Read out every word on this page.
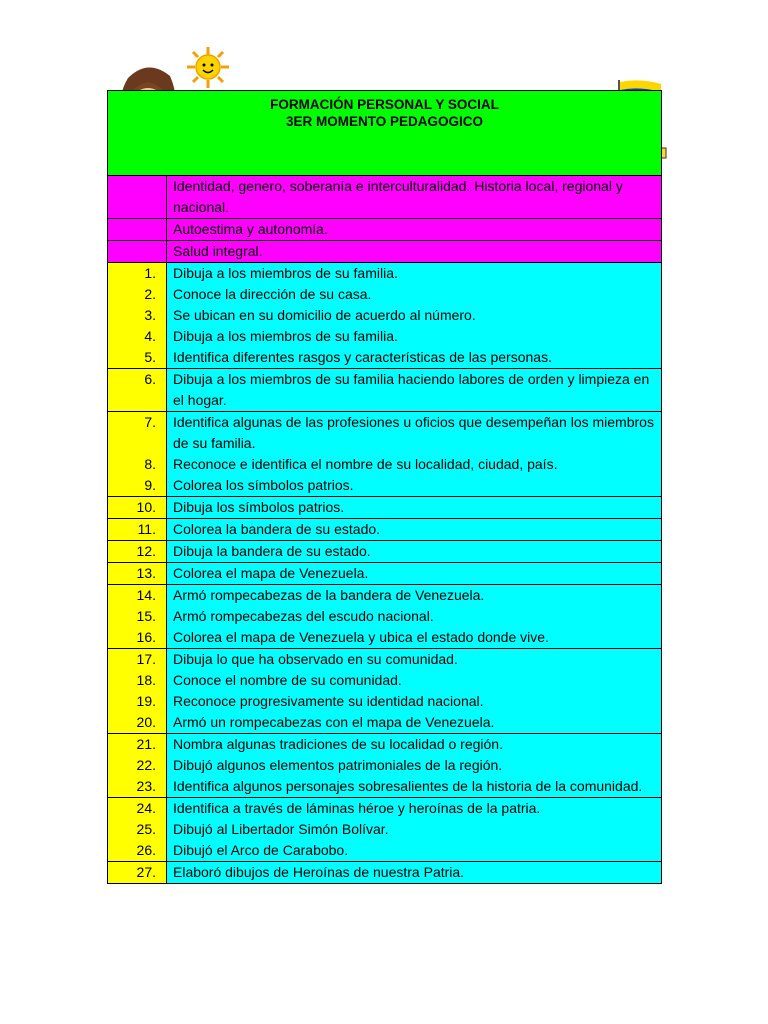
FORMACIÓN PERSONAL Y SOCIAL
3ER MOMENTO PEDAGOGICO
Identidad, genero, soberanía e interculturalidad. Historia local, regional y nacional.
Autoestima y autonomía.
Salud integral.
1.	Dibuja a los miembros de su familia.
2.	Conoce la dirección de su casa.
3.	Se ubican en su domicilio de acuerdo al número.
4.	Dibuja a los miembros de su familia.
5.	Identifica diferentes rasgos y características de las personas.
6.	Dibuja a los miembros de su familia haciendo labores de orden y limpieza en el hogar.
7.	Identifica algunas de las profesiones u oficios que desempeñan los miembros de su familia.
8.	Reconoce e identifica el nombre de su localidad, ciudad, país.
9.	Colorea los símbolos patrios.
10.	Dibuja los símbolos patrios.
11.	Colorea la bandera de su estado.
12.	Dibuja la bandera de su estado.
13.	Colorea el mapa de Venezuela.
14.	Armó rompecabezas de la bandera de Venezuela.
15.	Armó rompecabezas del escudo nacional.
16.	Colorea el mapa de Venezuela y ubica el estado donde vive.
17.	Dibuja lo que ha observado en su comunidad.
18.	Conoce el nombre de su comunidad.
19.	Reconoce progresivamente su identidad nacional.
20.	Armó un rompecabezas con el mapa de Venezuela.
21.	Nombra algunas tradiciones de su localidad o región.
22.	Dibujó algunos elementos patrimoniales de la región.
23.	Identifica algunos personajes sobresalientes de la historia de la comunidad.
24.	Identifica a través de láminas héroe y heroínas de la patria.
25.	Dibujó al Libertador Simón Bolívar.
26.	Dibujó el Arco de Carabobo.
27.	Elaboró dibujos de Heroínas de nuestra Patria.
